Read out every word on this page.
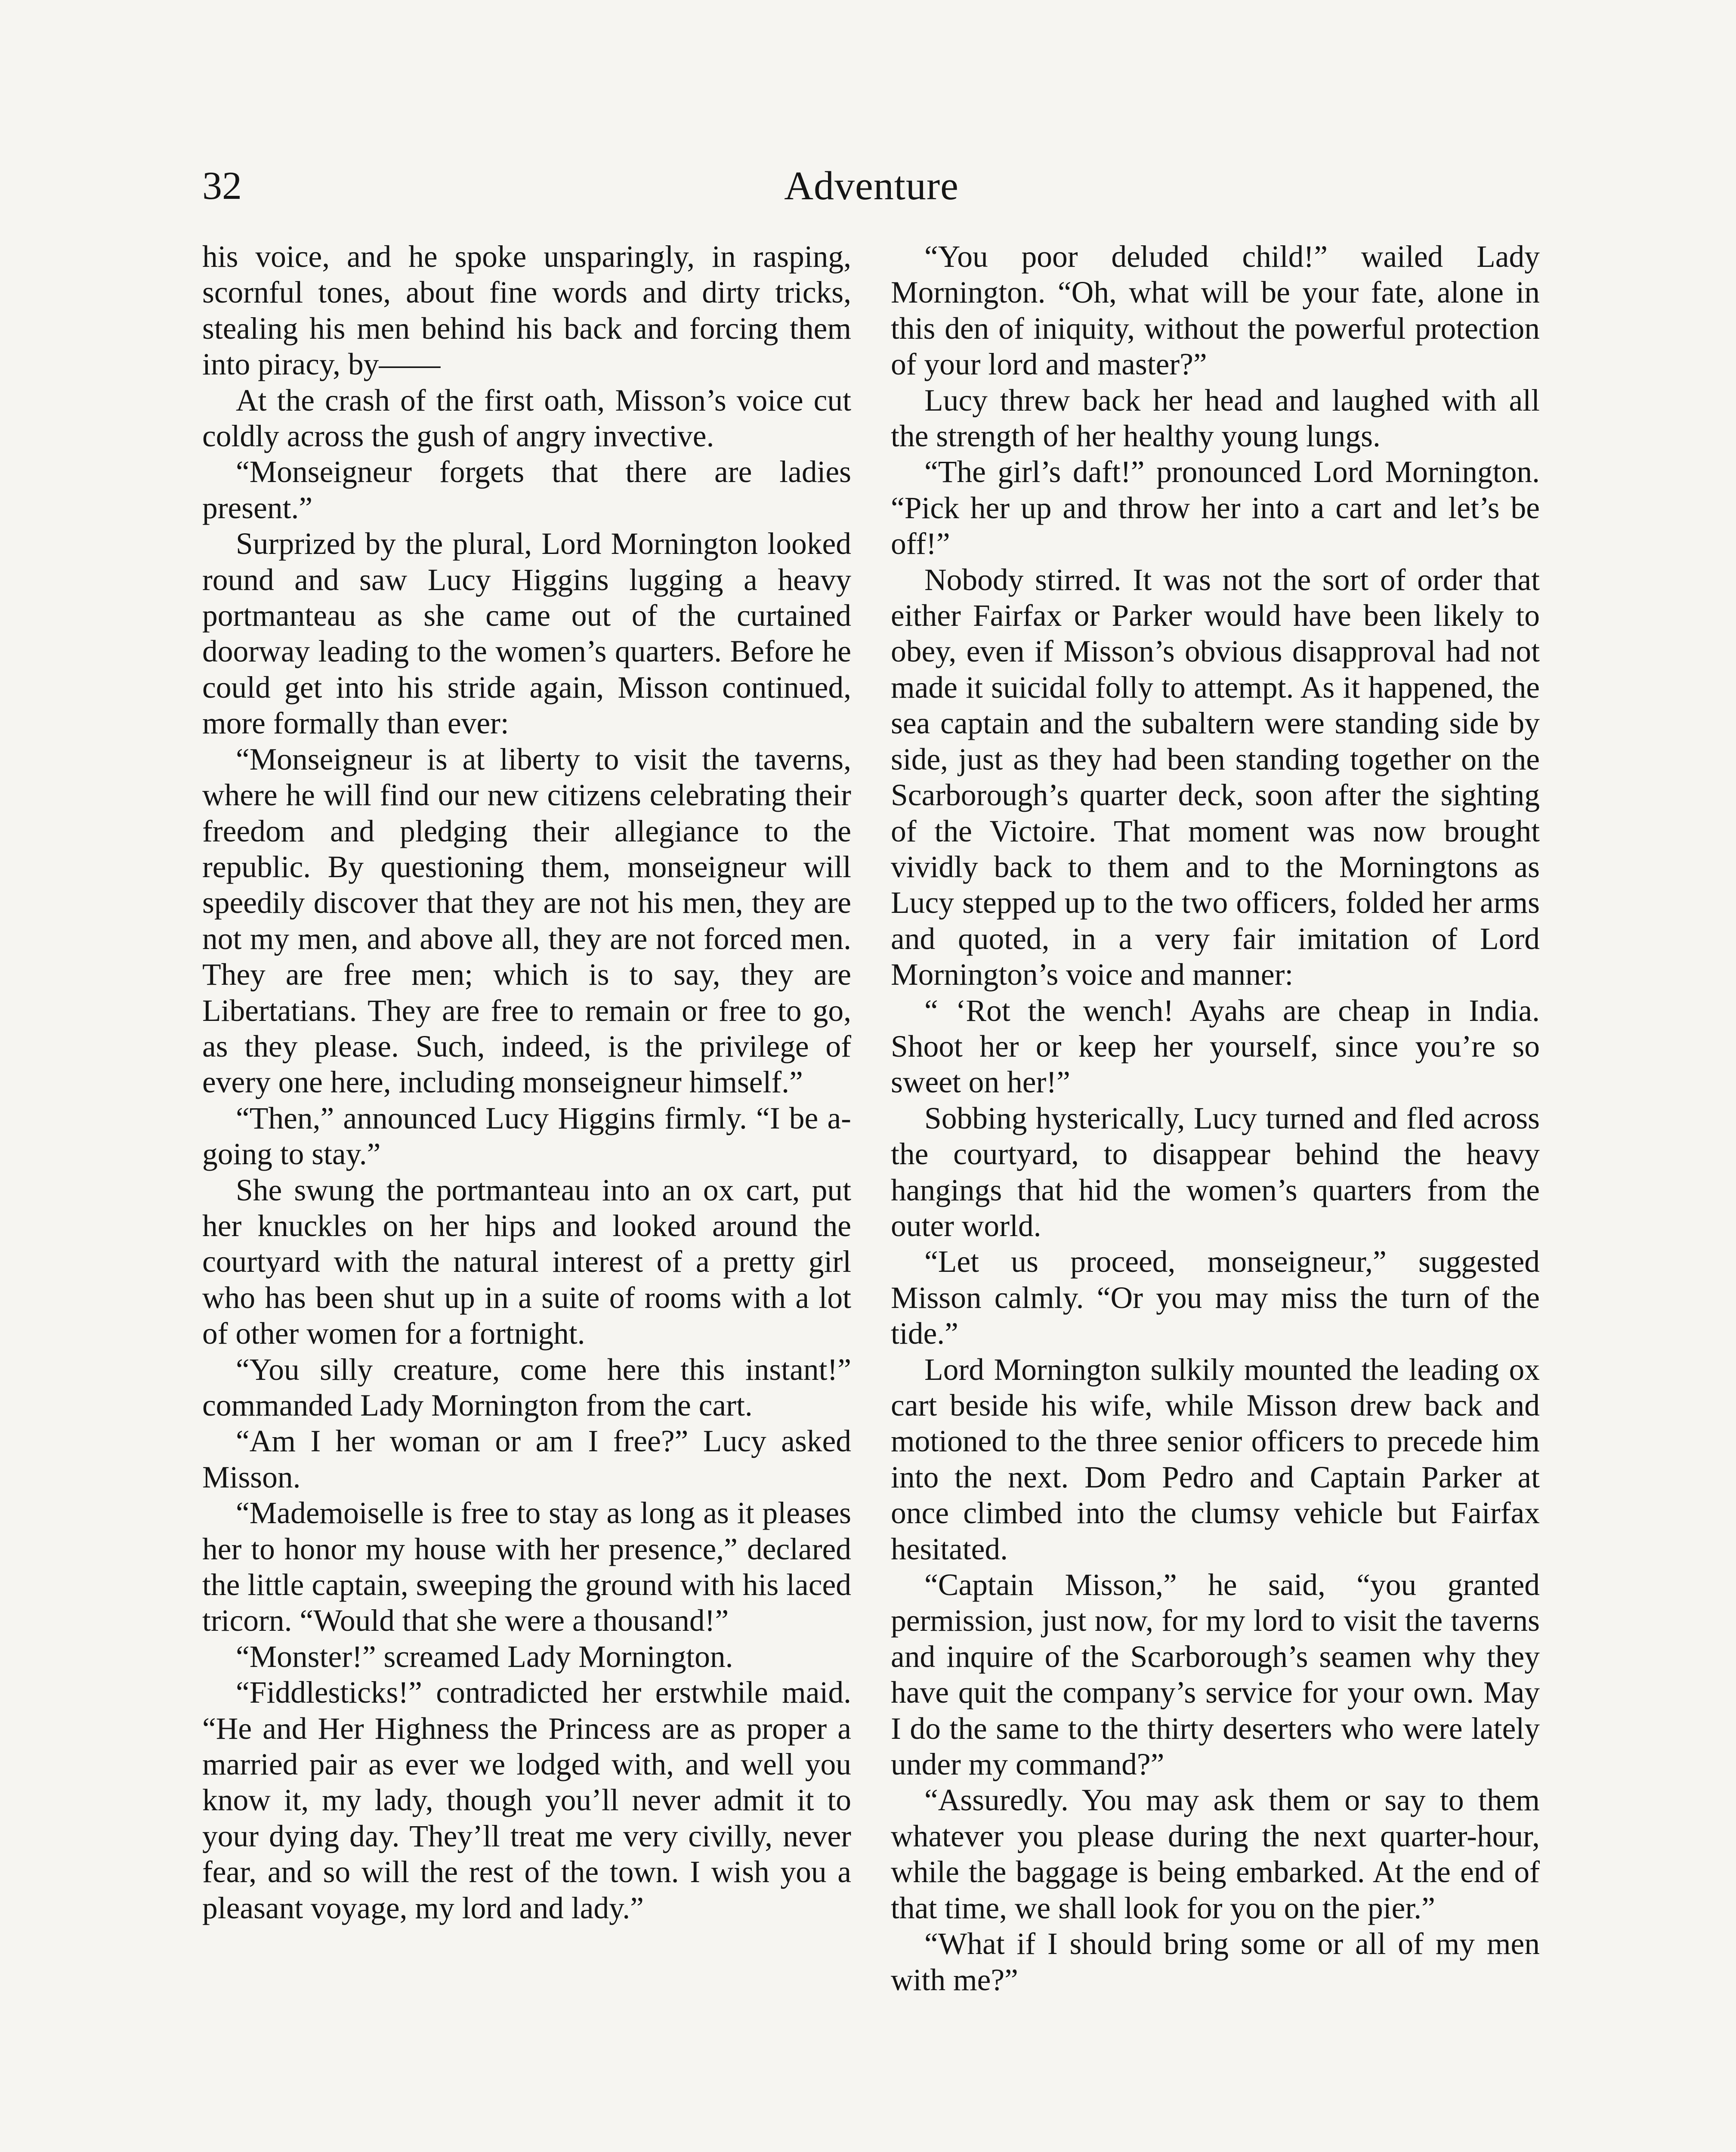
32	Adventure

his voice, and he spoke unsparingly, in rasping, scornful tones, about fine words and dirty tricks, stealing his men behind his back and forcing them into piracy, by——

At the crash of the first oath, Misson’s voice cut coldly across the gush of angry invective.

“Monseigneur forgets that there are ladies present.”

Surprized by the plural, Lord Mornington looked round and saw Lucy Higgins lugging a heavy portmanteau as she came out of the curtained doorway leading to the women’s quarters. Before he could get into his stride again, Misson continued, more formally than ever:

“Monseigneur is at liberty to visit the taverns, where he will find our new citizens celebrating their freedom and pledging their allegiance to the republic. By questioning them, monseigneur will speedily discover that they are not his men, they are not my men, and above all, they are not forced men. They are free men; which is to say, they are Libertatians. They are free to remain or free to go, as they please. Such, indeed, is the privilege of every one here, including monseigneur himself.”

“Then,” announced Lucy Higgins firmly. “I be a-going to stay.”

She swung the portmanteau into an ox cart, put her knuckles on her hips and looked around the courtyard with the natural interest of a pretty girl who has been shut up in a suite of rooms with a lot of other women for a fortnight.

“You silly creature, come here this instant!” commanded Lady Mornington from the cart.

“Am I her woman or am I free?” Lucy asked Misson.

“Mademoiselle is free to stay as long as it pleases her to honor my house with her presence,” declared the little captain, sweeping the ground with his laced tricorn. “Would that she were a thousand!”

“Monster!” screamed Lady Mornington.

“Fiddlesticks!” contradicted her erstwhile maid. “He and Her Highness the Princess are as proper a married pair as ever we lodged with, and well you know it, my lady, though you’ll never admit it to your dying day. They’ll treat me very civilly, never fear, and so will the rest of the town. I wish you a pleasant voyage, my lord and lady.”

“You poor deluded child!” wailed Lady Mornington. “Oh, what will be your fate, alone in this den of iniquity, without the powerful protection of your lord and master?”

Lucy threw back her head and laughed with all the strength of her healthy young lungs.

“The girl’s daft!” pronounced Lord Mornington. “Pick her up and throw her into a cart and let’s be off!”

Nobody stirred. It was not the sort of order that either Fairfax or Parker would have been likely to obey, even if Misson’s obvious disapproval had not made it suicidal folly to attempt. As it happened, the sea captain and the subaltern were standing side by side, just as they had been standing together on the Scarborough’s quarter deck, soon after the sighting of the Victoire. That moment was now brought vividly back to them and to the Morningtons as Lucy stepped up to the two officers, folded her arms and quoted, in a very fair imitation of Lord Mornington’s voice and manner:

“ ‘Rot the wench! Ayahs are cheap in India. Shoot her or keep her yourself, since you’re so sweet on her!”

Sobbing hysterically, Lucy turned and fled across the courtyard, to disappear behind the heavy hangings that hid the women’s quarters from the outer world.

“Let us proceed, monseigneur,” suggested Misson calmly. “Or you may miss the turn of the tide.”

Lord Mornington sulkily mounted the leading ox cart beside his wife, while Misson drew back and motioned to the three senior officers to precede him into the next. Dom Pedro and Captain Parker at once climbed into the clumsy vehicle but Fairfax hesitated.

“Captain Misson,” he said, “you granted permission, just now, for my lord to visit the taverns and inquire of the Scarborough’s seamen why they have quit the company’s service for your own. May I do the same to the thirty deserters who were lately under my command?”

“Assuredly. You may ask them or say to them whatever you please during the next quarter-hour, while the baggage is being embarked. At the end of that time, we shall look for you on the pier.”

“What if I should bring some or all of my men with me?”
